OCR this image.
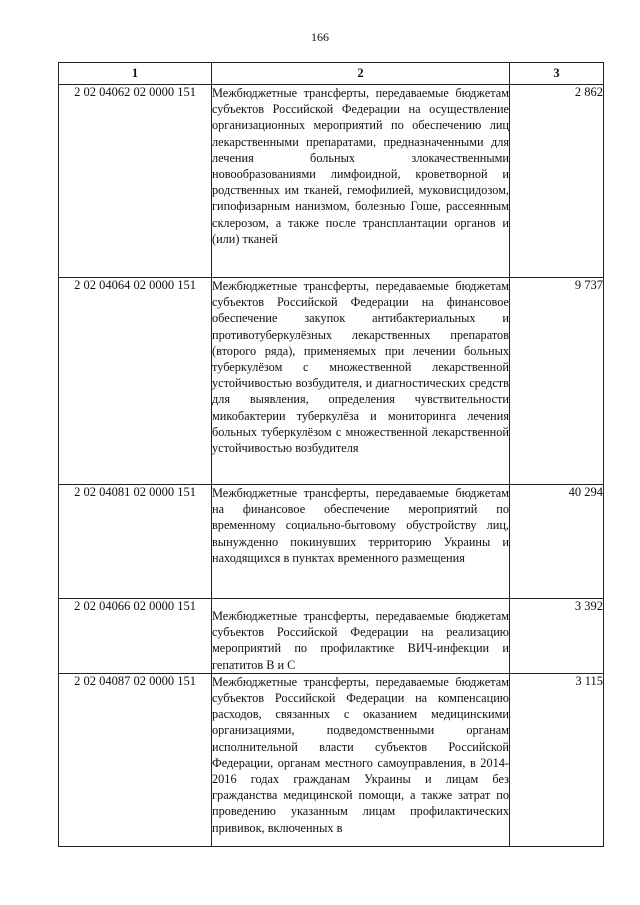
166
1	2	3
2 02 04062 02 0000 151	Межбюджетные трансферты, передаваемые бюджетам субъектов Российской Федерации на осуществление организационных мероприятий по обеспечению лиц лекарственными препаратами, предназначенными для лечения больных злокачественными новообразованиями лимфоидной, кроветворной и родственных им тканей, гемофилией, муковисцидозом, гипофизарным нанизмом, болезнью Гоше, рассеянным склерозом, а также после трансплантации органов и (или) тканей	2 862
2 02 04064 02 0000 151	Межбюджетные трансферты, передаваемые бюджетам субъектов Российской Федерации на финансовое обеспечение закупок антибактериальных и противотуберкулёзных лекарственных препаратов (второго ряда), применяемых при лечении больных туберкулёзом с множественной лекарственной устойчивостью возбудителя, и диагностических средств для выявления, определения чувствительности микобактерии туберкулёза и мониторинга лечения больных туберкулёзом с множественной лекарственной устойчивостью возбудителя	9 737
2 02 04081 02 0000 151	Межбюджетные трансферты, передаваемые бюджетам на финансовое обеспечение мероприятий по временному социально-бытовому обустройству лиц, вынужденно покинувших территорию Украины и находящихся в пунктах временного размещения	40 294
2 02 04066 02 0000 151	Межбюджетные трансферты, передаваемые бюджетам субъектов Российской Федерации на реализацию мероприятий по профилактике ВИЧ-инфекции и гепатитов В и С	3 392
2 02 04087 02 0000 151	Межбюджетные трансферты, передаваемые бюджетам субъектов Российской Федерации на компенсацию расходов, связанных с оказанием медицинскими организациями, подведомственными органам исполнительной власти субъектов Российской Федерации, органам местного самоуправления, в 2014-2016 годах гражданам Украины и лицам без гражданства медицинской помощи, а также затрат по проведению указанным лицам профилактических прививок, включенных в	3 115
